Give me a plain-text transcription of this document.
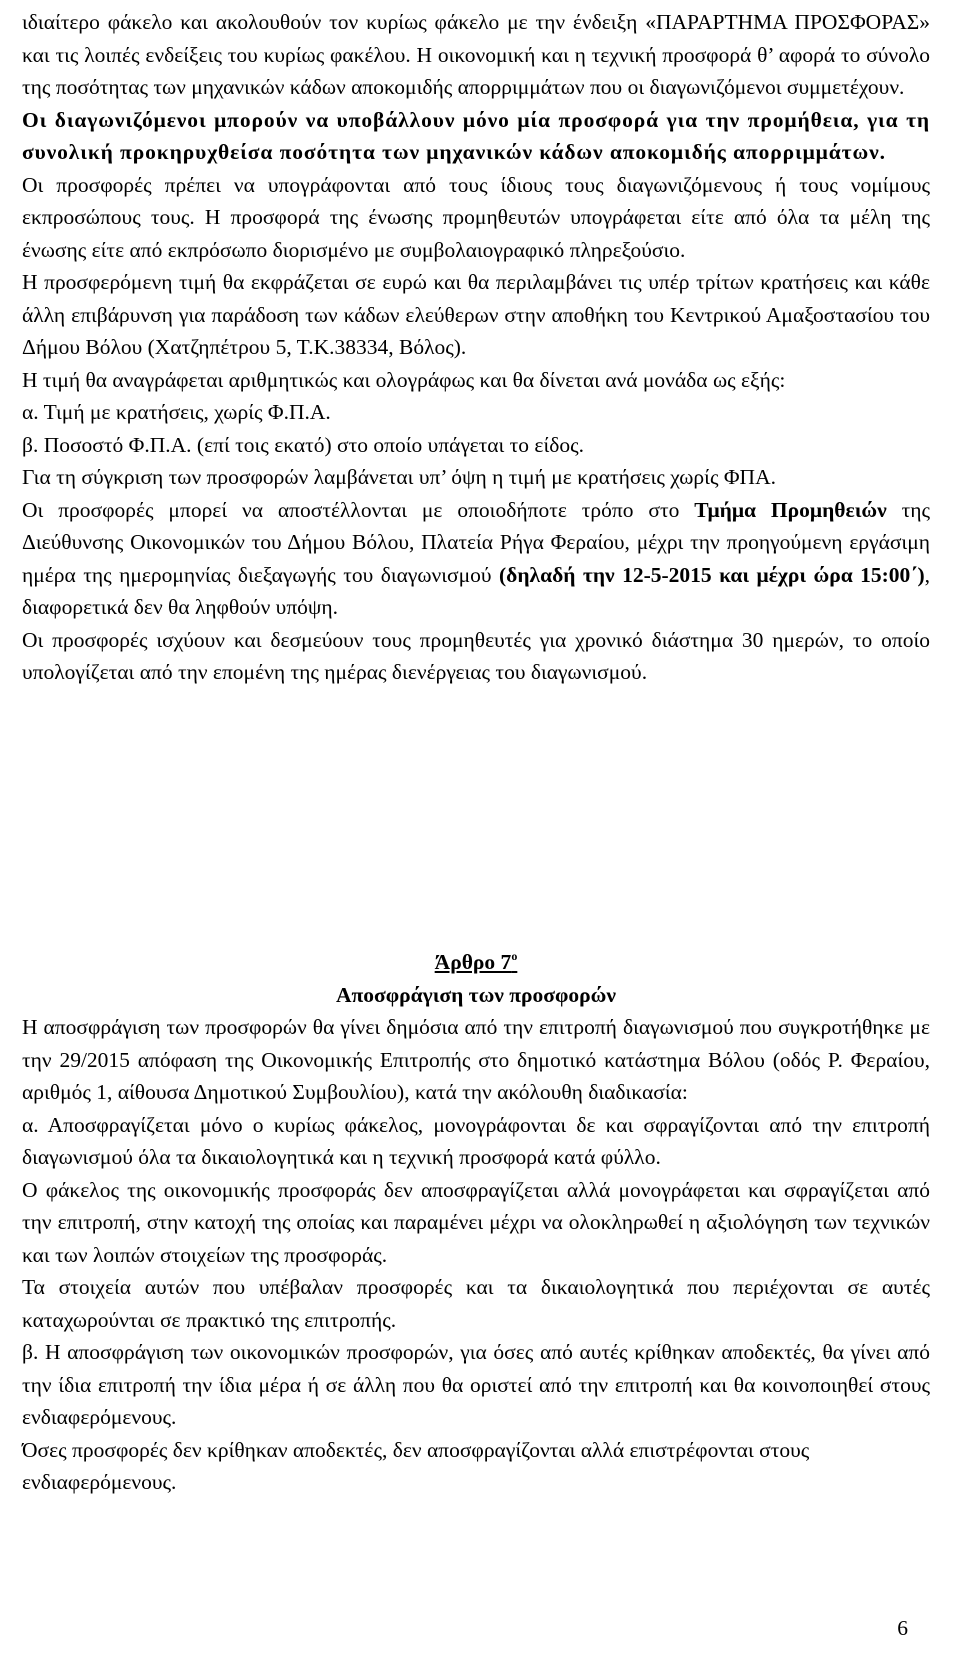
ιδιαίτερο φάκελο και ακολουθούν τον κυρίως φάκελο με την ένδειξη «ΠΑΡΑΡΤΗΜΑ ΠΡΟΣΦΟΡΑΣ» και τις λοιπές ενδείξεις του κυρίως φακέλου. Η οικονομική και η τεχνική προσφορά θ’ αφορά το σύνολο της ποσότητας των μηχανικών κάδων αποκομιδής απορριμμάτων που οι διαγωνιζόμενοι συμμετέχουν.

Οι διαγωνιζόμενοι μπορούν να υποβάλλουν μόνο μία προσφορά για την προμήθεια, για τη συνολική προκηρυχθείσα ποσότητα των μηχανικών κάδων αποκομιδής απορριμμάτων.

Οι προσφορές πρέπει να υπογράφονται από τους ίδιους τους διαγωνιζόμενους ή τους νομίμους εκπροσώπους τους. Η προσφορά της ένωσης προμηθευτών υπογράφεται είτε από όλα τα μέλη της ένωσης είτε από εκπρόσωπο διορισμένο με συμβολαιογραφικό πληρεξούσιο.

Η προσφερόμενη τιμή θα εκφράζεται σε ευρώ και θα περιλαμβάνει τις υπέρ τρίτων κρατήσεις και κάθε άλλη επιβάρυνση για παράδοση των κάδων ελεύθερων στην αποθήκη του Κεντρικού Αμαξοστασίου του Δήμου Βόλου (Χατζηπέτρου 5, Τ.Κ.38334, Βόλος).

Η τιμή θα αναγράφεται αριθμητικώς και ολογράφως και θα δίνεται ανά μονάδα ως εξής:

α. Τιμή με κρατήσεις, χωρίς Φ.Π.Α.

β. Ποσοστό Φ.Π.Α. (επί τοις εκατό) στο οποίο υπάγεται το είδος.

Για τη σύγκριση των προσφορών λαμβάνεται υπ’ όψη η τιμή με κρατήσεις χωρίς ΦΠΑ.

Οι προσφορές μπορεί να αποστέλλονται με οποιοδήποτε τρόπο στο Τμήμα Προμηθειών της Διεύθυνσης Οικονομικών του Δήμου Βόλου, Πλατεία Ρήγα Φεραίου, μέχρι την προηγούμενη εργάσιμη ημέρα της ημερομηνίας διεξαγωγής του διαγωνισμού (δηλαδή την 12-5-2015 και μέχρι ώρα 15:00΄), διαφορετικά δεν θα ληφθούν υπόψη.

Οι προσφορές ισχύουν και δεσμεύουν τους προμηθευτές για χρονικό διάστημα 30 ημερών, το οποίο υπολογίζεται από την επομένη της ημέρας διενέργειας του διαγωνισμού.

Άρθρο $7^o$

Αποσφράγιση των προσφορών

Η αποσφράγιση των προσφορών θα γίνει δημόσια από την επιτροπή διαγωνισμού που συγκροτήθηκε με την 29/2015 απόφαση της Οικονομικής Επιτροπής στο δημοτικό κατάστημα Βόλου (οδός Ρ. Φεραίου, αριθμός 1, αίθουσα Δημοτικού Συμβουλίου), κατά την ακόλουθη διαδικασία:

α. Αποσφραγίζεται μόνο ο κυρίως φάκελος, μονογράφονται δε και σφραγίζονται από την επιτροπή διαγωνισμού όλα τα δικαιολογητικά και η τεχνική προσφορά κατά φύλλο.

Ο φάκελος της οικονομικής προσφοράς δεν αποσφραγίζεται αλλά μονογράφεται και σφραγίζεται από την επιτροπή, στην κατοχή της οποίας και παραμένει μέχρι να ολοκληρωθεί η αξιολόγηση των τεχνικών και των λοιπών στοιχείων της προσφοράς.

Τα στοιχεία αυτών που υπέβαλαν προσφορές και τα δικαιολογητικά που περιέχονται σε αυτές καταχωρούνται σε πρακτικό της επιτροπής.

β. Η αποσφράγιση των οικονομικών προσφορών, για όσες από αυτές κρίθηκαν αποδεκτές, θα γίνει από την ίδια επιτροπή την ίδια μέρα ή σε άλλη που θα οριστεί από την επιτροπή και θα κοινοποιηθεί στους ενδιαφερόμενους.

Όσες προσφορές δεν κρίθηκαν αποδεκτές, δεν αποσφραγίζονται αλλά επιστρέφονται στους ενδιαφερόμενους.

6
